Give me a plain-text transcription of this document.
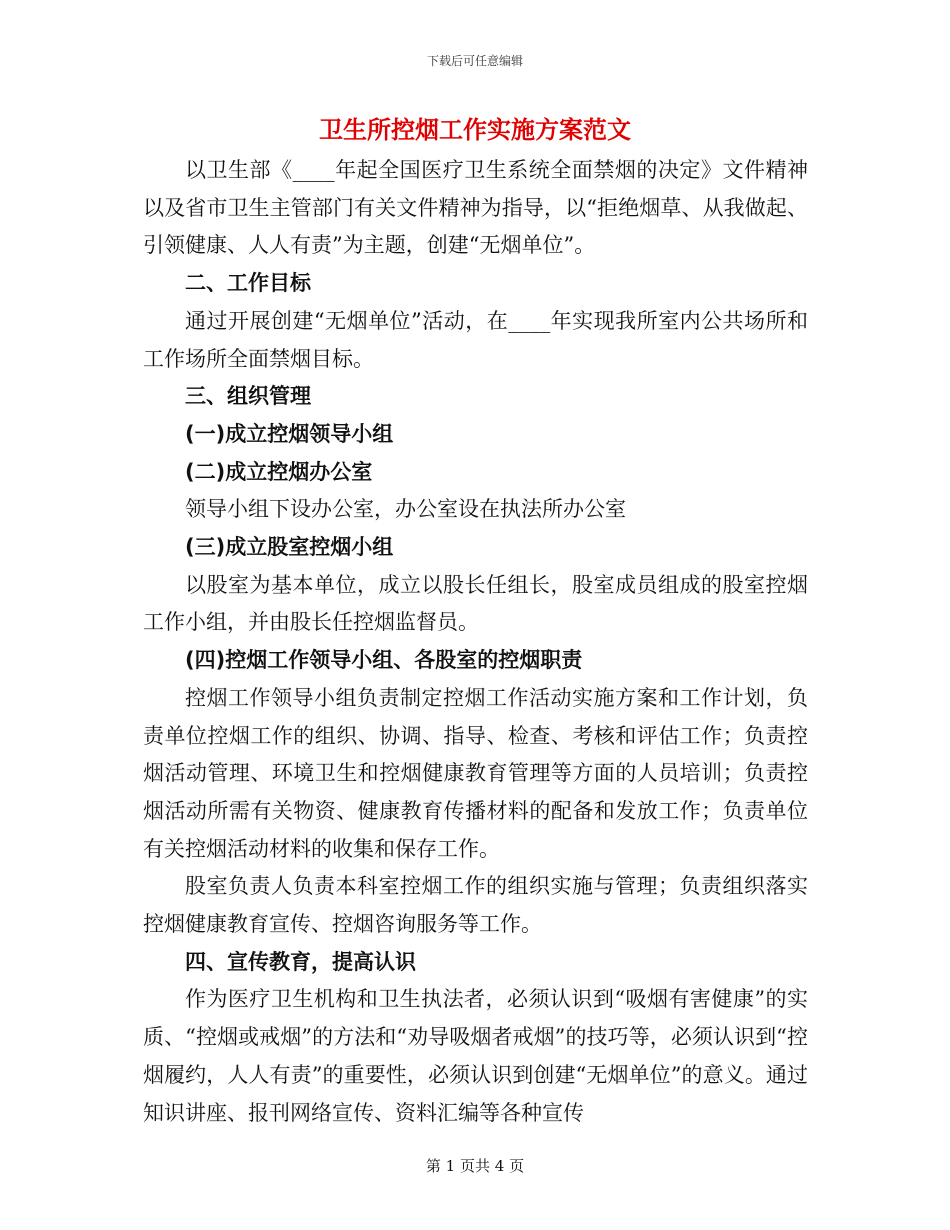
下载后可任意编辑
卫生所控烟工作实施方案范文

以卫生部《____年起全国医疗卫生系统全面禁烟的决定》文件精神以及省市卫生主管部门有关文件精神为指导，以“拒绝烟草、从我做起、引领健康、人人有责”为主题，创建“无烟单位”。

二、工作目标

通过开展创建“无烟单位”活动，在____年实现我所室内公共场所和工作场所全面禁烟目标。

三、组织管理

(一)成立控烟领导小组

(二)成立控烟办公室

领导小组下设办公室，办公室设在执法所办公室

(三)成立股室控烟小组

以股室为基本单位，成立以股长任组长，股室成员组成的股室控烟工作小组，并由股长任控烟监督员。

(四)控烟工作领导小组、各股室的控烟职责

控烟工作领导小组负责制定控烟工作活动实施方案和工作计划，负责单位控烟工作的组织、协调、指导、检查、考核和评估工作；负责控烟活动管理、环境卫生和控烟健康教育管理等方面的人员培训；负责控烟活动所需有关物资、健康教育传播材料的配备和发放工作；负责单位有关控烟活动材料的收集和保存工作。

股室负责人负责本科室控烟工作的组织实施与管理；负责组织落实控烟健康教育宣传、控烟咨询服务等工作。

四、宣传教育，提高认识

作为医疗卫生机构和卫生执法者，必须认识到“吸烟有害健康”的实质、“控烟或戒烟”的方法和“劝导吸烟者戒烟”的技巧等，必须认识到“控烟履约，人人有责”的重要性，必须认识到创建“无烟单位”的意义。通过知识讲座、报刊网络宣传、资料汇编等各种宣传

第 1 页共 4 页
